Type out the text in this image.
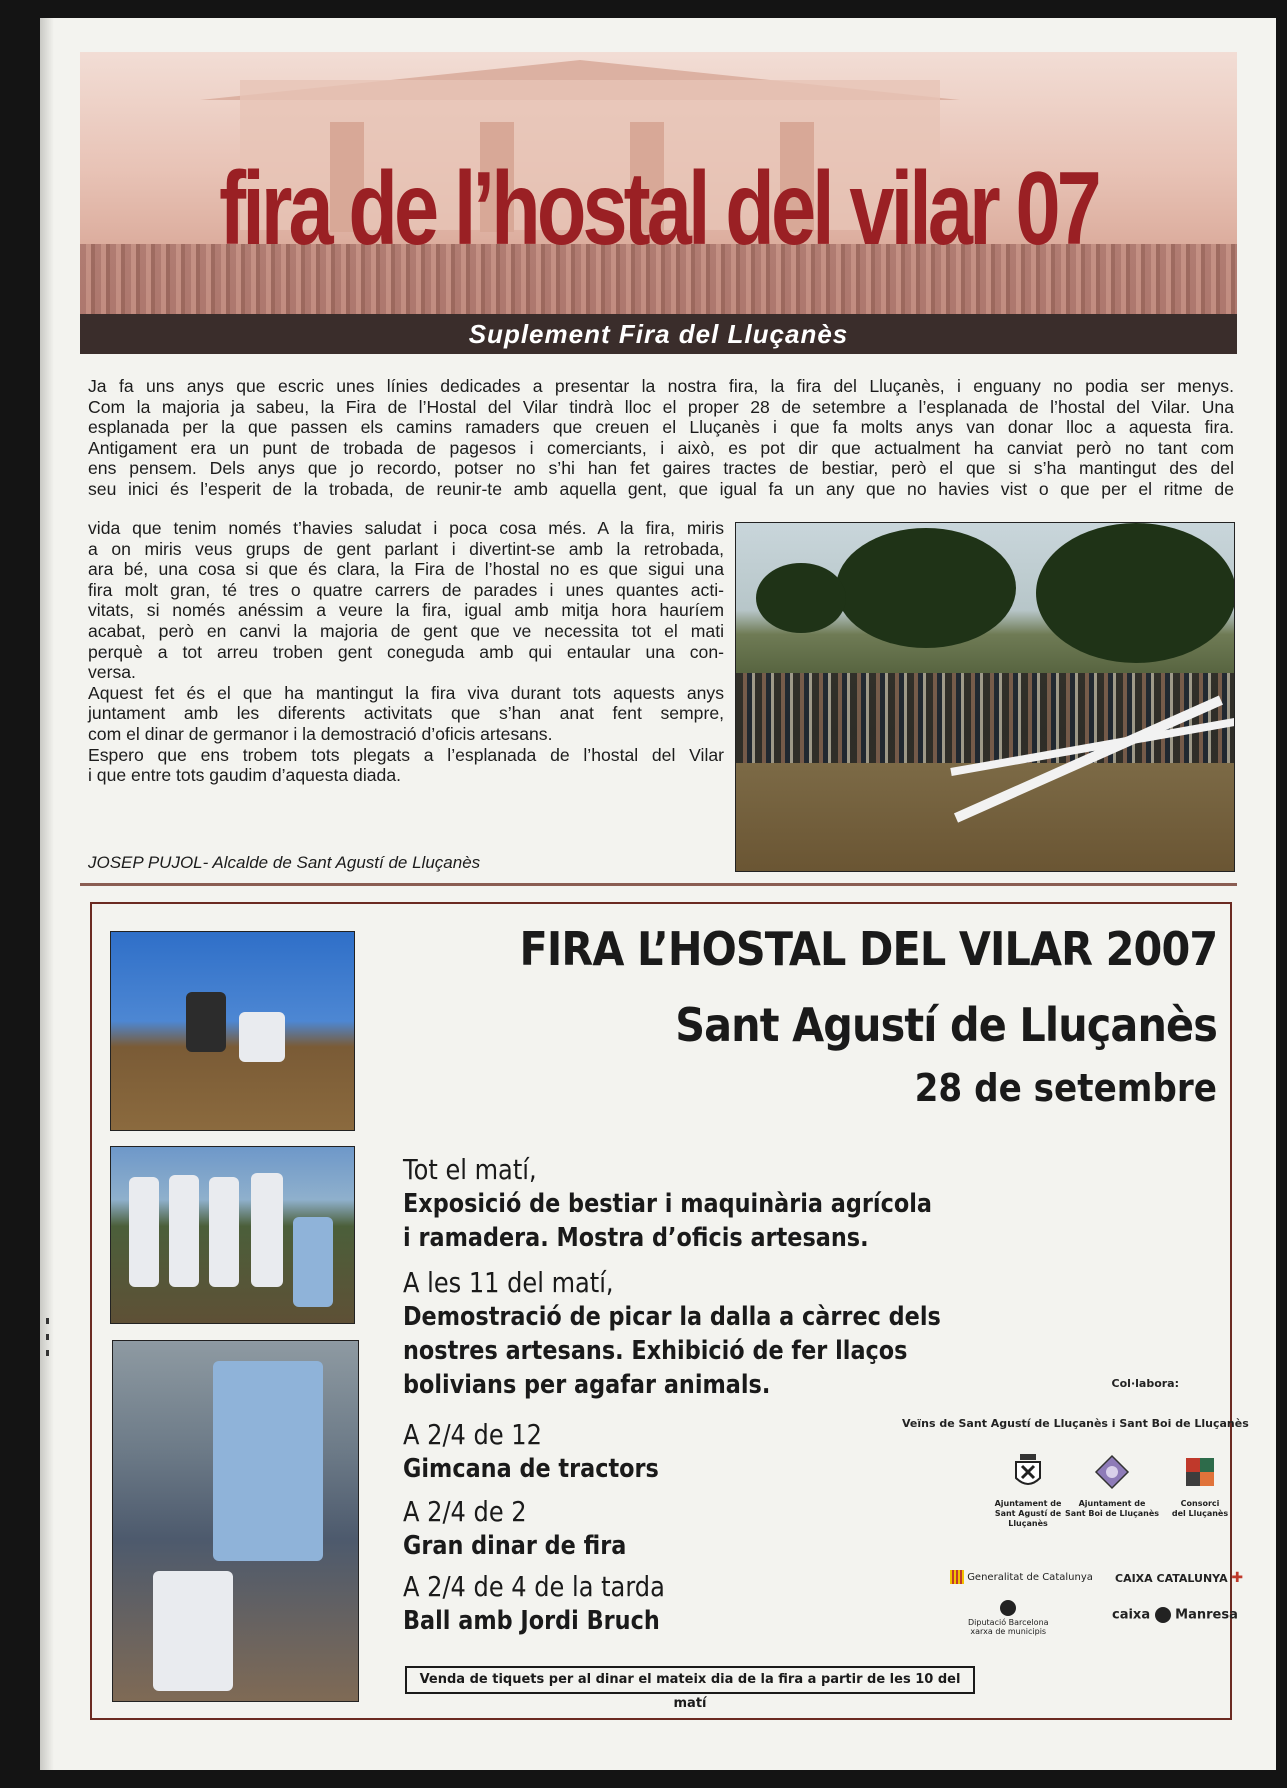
fira de l’hostal del vilar 07
Suplement Fira del Lluçanès

Ja fa uns anys que escric unes línies dedicades a presentar la nostra fira, la fira del Lluçanès, i enguany no podia ser menys.

Com la majoria ja sabeu, la Fira de l’Hostal del Vilar tindrà lloc el proper 28 de setembre a l’esplanada de l’hostal del Vilar. Una

esplanada per la que passen els camins ramaders que creuen el Lluçanès i que fa molts anys van donar lloc a aquesta fira.

Antigament era un punt de trobada de pagesos i comerciants, i això, es pot dir que actualment ha canviat però no tant com

ens pensem. Dels anys que jo recordo, potser no s’hi han fet gaires tractes de bestiar, però el que si s’ha mantingut des del

seu inici és l’esperit de la trobada, de reunir-te amb aquella gent, que igual fa un any que no havies vist o que per el ritme de

vida que tenim només t’havies saludat i poca cosa més. A la fira, miris

a on miris veus grups de gent parlant i divertint-se amb la retrobada,

ara bé, una cosa si que és clara, la Fira de l’hostal no es que sigui una

fira molt gran, té tres o quatre carrers de parades i unes quantes acti-

vitats, si només anéssim a veure la fira, igual amb mitja hora hauríem

acabat, però en canvi la majoria de gent que ve necessita tot el mati

perquè a tot arreu troben gent coneguda amb qui entaular una con-

versa.

Aquest fet és el que ha mantingut la fira viva durant tots aquests anys

juntament amb les diferents activitats que s’han anat fent sempre,

com el dinar de germanor i la demostració d’oficis artesans.

Espero que ens trobem tots plegats a l’esplanada de l’hostal del Vilar

i que entre tots gaudim d’aquesta diada.

JOSEP PUJOL- Alcalde de Sant Agustí de Lluçanès
FIRA L’HOSTAL DEL VILAR 2007
Sant Agustí de Lluçanès
28 de setembre
Tot el matí,
Exposició de bestiar i maquinària agrícola
i ramadera. Mostra d’oficis artesans.
A les 11 del matí,
Demostració de picar la dalla a càrrec dels
nostres artesans. Exhibició de fer llaços
bolivians per agafar animals.
A 2/4 de 12
Gimcana de tractors
A 2/4 de 2
Gran dinar de fira
A 2/4 de 4 de la tarda
Ball amb Jordi Bruch
Col·labora:
Veïns de Sant Agustí de Lluçanès i Sant Boi de Lluçanès
Ajuntament de
Sant Agustí de Lluçanès
Ajuntament de
Sant Boi de Lluçanès
Consorci
del Lluçanès
Generalitat de Catalunya CAIXA CATALUNYA ✚
Diputació Barcelona
xarxa de municipis
caixa Manresa
Venda de tiquets per al dinar el mateix dia de la fira a partir de les 10 del matí
